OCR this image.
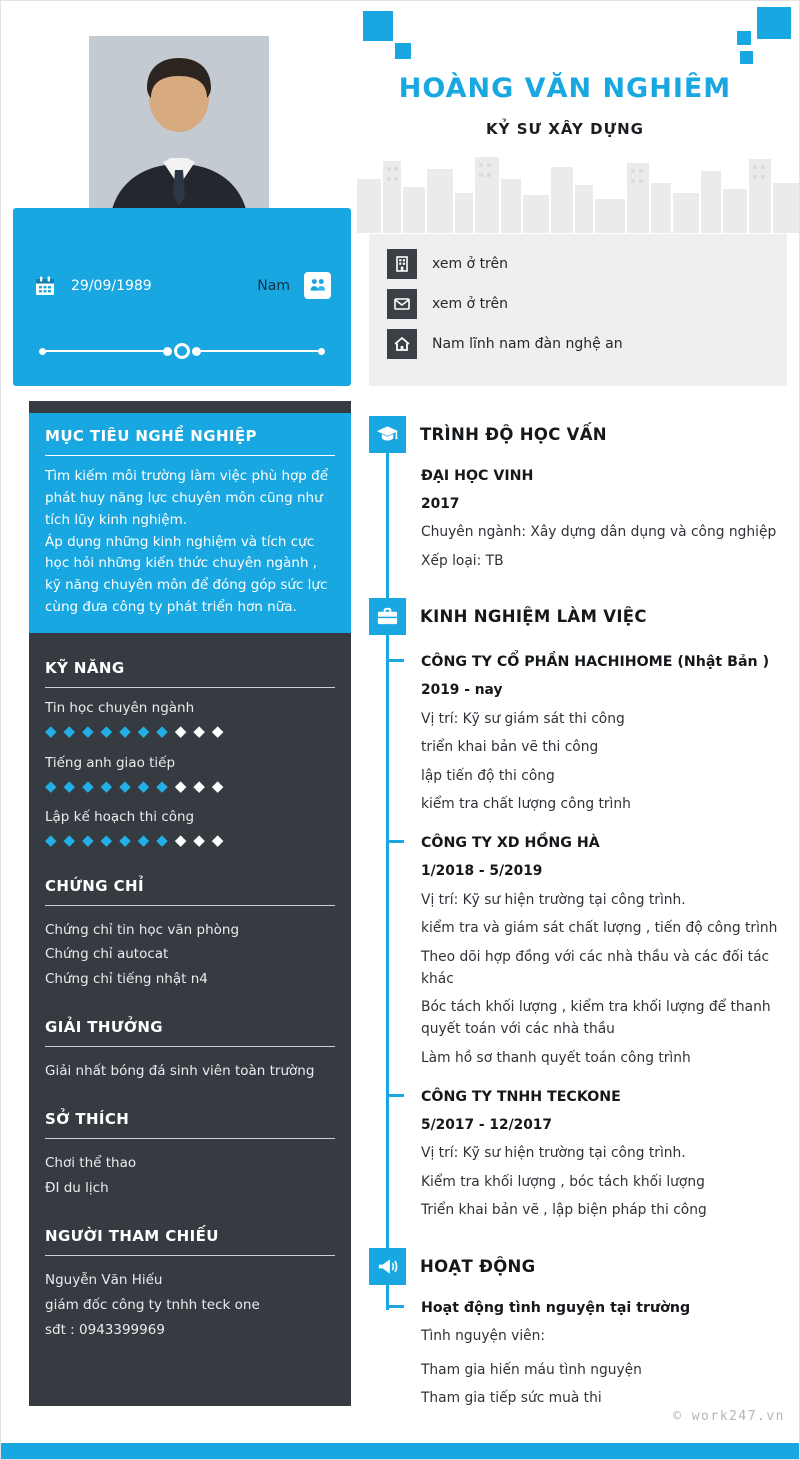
HOÀNG VĂN NGHIÊM
KỶ SƯ XÂY DỰNG
29/09/1989	Nam
xem ở trên
xem ở trên
Nam lĩnh nam đàn nghệ an
MỤC TIÊU NGHỀ NGHIỆP

Tìm kiếm môi trường làm việc phù hợp để phát huy năng lực chuyên môn cũng như tích lũy kinh nghiệm.

Áp dụng những kinh nghiệm và tích cực học hỏi những kiến thức chuyên ngành , kỹ năng chuyên môn để đóng góp sức lực cùng đưa công ty phát triển hơn nữa.

KỸ NĂNG
Tin học chuyên ngành
◆◆◆◆◆◆◆◆◆◆
Tiếng anh giao tiếp
◆◆◆◆◆◆◆◆◆◆
Lập kế hoạch thi công
◆◆◆◆◆◆◆◆◆◆
CHỨNG CHỈ
Chứng chỉ tin học văn phòng
Chứng chỉ autocat
Chứng chỉ tiếng nhật n4
GIẢI THƯỞNG
Giải nhất bóng đá sinh viên toàn trường
SỞ THÍCH
Chơi thể thao
ĐI du lịch
NGƯỜI THAM CHIẾU
Nguyễn Văn Hiếu
giám đốc công ty tnhh teck one
sđt : 0943399969
TRÌNH ĐỘ HỌC VẤN
ĐẠI HỌC VINH
2017
Chuyên ngành: Xây dựng dân dụng và công nghiệp
Xếp loại: TB
KINH NGHIỆM LÀM VIỆC
CÔNG TY CỔ PHẦN HACHIHOME (Nhật Bản )
2019 - nay
Vị trí: Kỹ sư giám sát thi công
triển khai bản vẽ thi công
lập tiến độ thi công
kiểm tra chất lượng công trình
CÔNG TY XD HỒNG HÀ
1/2018 - 5/2019
Vị trí: Kỹ sư hiện trường tại công trình.
kiểm tra và giám sát chất lượng , tiến độ công trình
Theo dõi hợp đồng với các nhà thầu và các đối tác khác
Bóc tách khối lượng , kiểm tra khối lượng để thanh quyết toán với các nhà thầu
Làm hồ sơ thanh quyết toán công trình
CÔNG TY TNHH TECKONE
5/2017 - 12/2017
Vị trí: Kỹ sư hiện trường tại công trình.
Kiểm tra khối lượng , bóc tách khối lượng
Triển khai bản vẽ , lập biện pháp thi công
HOẠT ĐỘNG
Hoạt động tình nguyện tại trường
Tình nguyện viên:
Tham gia hiến máu tình nguyện
Tham gia tiếp sức muà thi
© work247.vn
